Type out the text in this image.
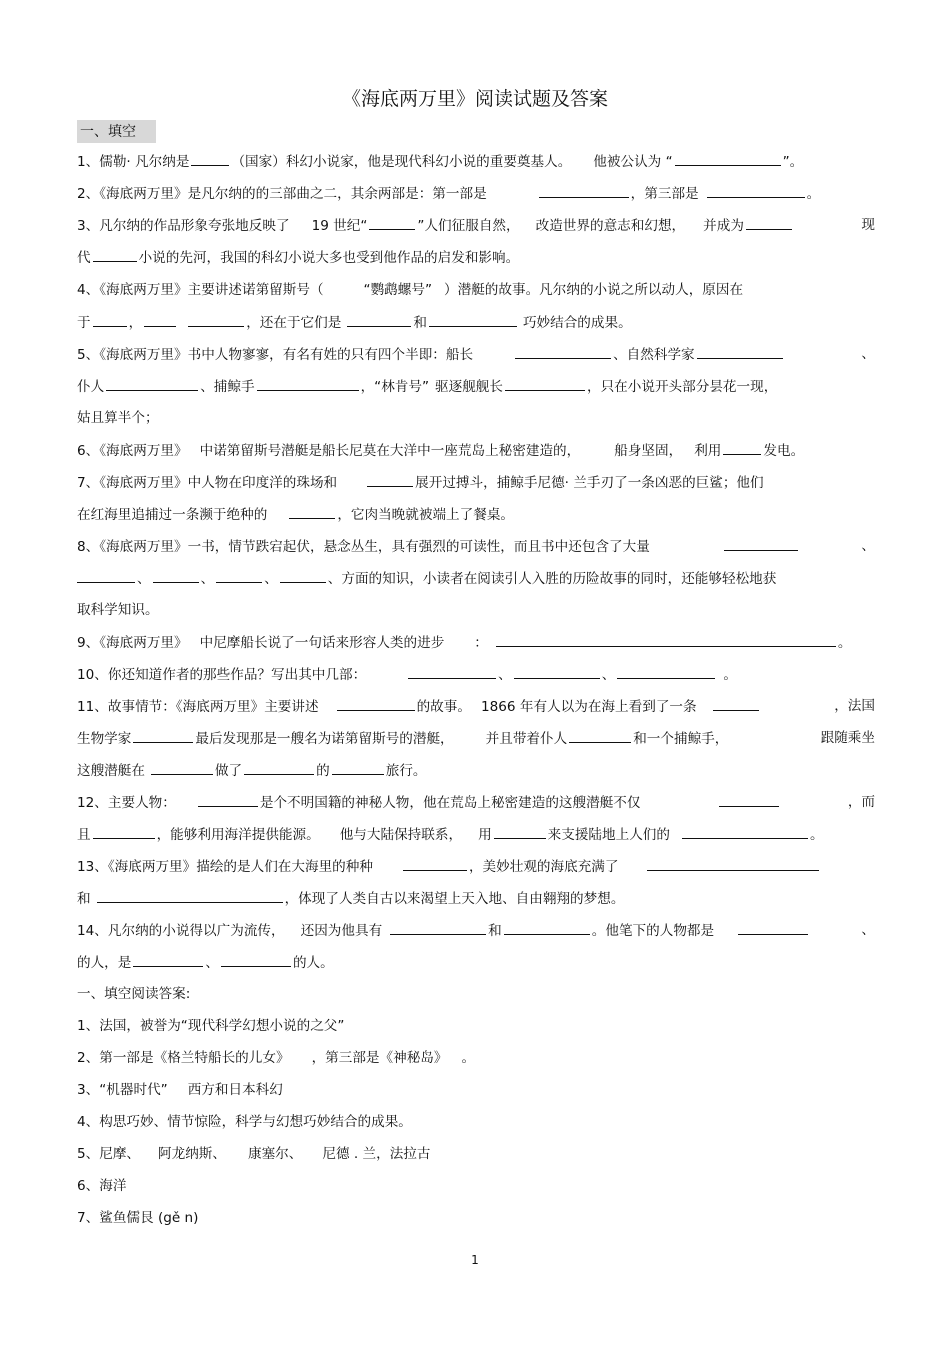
《海底两万里》阅读试题及答案
一、填空
1、儒勒· 凡尔纳是	（国家）科幻小说家，他是现代科幻小说的重要奠基人。 他被公认为 “	”。
2、《海底两万里》是凡尔纳的的三部曲之二，其余两部是：第一部是	，第三部是	。
3、凡尔纳的作品形象夸张地反映了 19 世纪“	”人们征服自然， 改造世界的意志和幻想， 并成为	现
代	小说的先河，我国的科幻小说大多也受到他作品的启发和影响。
4、《海底两万里》主要讲述诺第留斯号（	“鹦鹉螺号” ）潜艇的故事。凡尔纳的小说之所以动人，原因在
于	，	，还在于它们是	和	巧妙结合的成果。
5、《海底两万里》书中人物寥寥，有名有姓的只有四个半即：船长	、自然科学家	、
仆人	、捕鲸手	，“林肯号” 驱逐舰舰长	，只在小说开头部分昙花一现，
姑且算半个；
6、《海底两万里》 中诺第留斯号潜艇是船长尼莫在大洋中一座荒岛上秘密建造的，	船身坚固， 利用	发电。
7、《海底两万里》中人物在印度洋的珠场和	展开过搏斗，捕鲸手尼德· 兰手刃了一条凶恶的巨鲨；他们
在红海里追捕过一条濒于绝种的	，它肉当晚就被端上了餐桌。
8、《海底两万里》一书，情节跌宕起伏，悬念丛生，具有强烈的可读性，而且书中还包含了大量	、
、	、	、	、方面的知识，小读者在阅读引人入胜的历险故事的同时，还能够轻松地获
取科学知识。
9、《海底两万里》 中尼摩船长说了一句话来形容人类的进步 ：	。
10、你还知道作者的那些作品？写出其中几部：	、	、	。
11、故事情节：《海底两万里》主要讲述	的故事。 1866 年有人以为在海上看到了一条	，法国
生物学家	最后发现那是一艘名为诺第留斯号的潜艇， 并且带着仆人	和一个捕鲸手，	跟随乘坐
这艘潜艇在	做了	的	旅行。
12、主要人物：	是个不明国籍的神秘人物，他在荒岛上秘密建造的这艘潜艇不仅	，而
且	，能够利用海洋提供能源。 他与大陆保持联系， 用	来支援陆地上人们的	。
13、《海底两万里》描绘的是人们在大海里的种种	，美妙壮观的海底充满了
和	，体现了人类自古以来渴望上天入地、自由翱翔的梦想。
14、凡尔纳的小说得以广为流传， 还因为他具有	和	。他笔下的人物都是	、
的人，是	、	的人。
一、填空阅读答案:
1、法国，被誉为“现代科学幻想小说的之父”
2、第一部是《格兰特船长的儿女》 ，第三部是《神秘岛》 。
3、“机器时代” 西方和日本科幻
4、构思巧妙、情节惊险，科学与幻想巧妙结合的成果。
5、尼摩、 阿龙纳斯、 康塞尔、 尼德 . 兰，法拉古
6、海洋
7、鲨鱼儒艮 (gě n)
1
